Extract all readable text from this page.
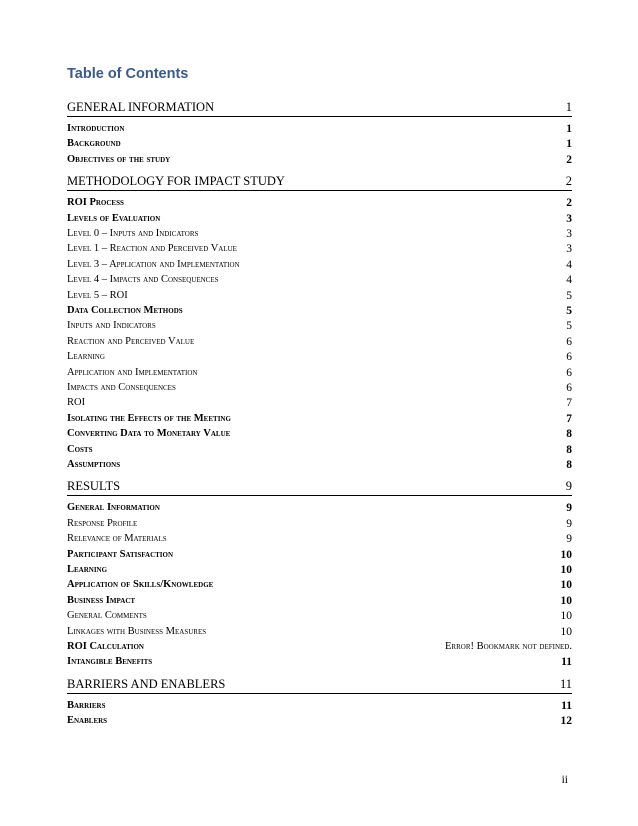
Table of Contents
GENERAL INFORMATION	1
Introduction	1
Background	1
Objectives of the study	2
METHODOLOGY FOR IMPACT STUDY	2
ROI Process	2
Levels of Evaluation	3
Level 0 – Inputs and Indicators	3
Level 1 – Reaction and Perceived Value	3
Level 3 – Application and Implementation	4
Level 4 – Impacts and Consequences	4
Level 5 – ROI	5
Data Collection Methods	5
Inputs and Indicators	5
Reaction and Perceived Value	6
Learning	6
Application and Implementation	6
Impacts and Consequences	6
ROI	7
Isolating the Effects of the Meeting	7
Converting Data to Monetary Value	8
Costs	8
Assumptions	8
RESULTS	9
General Information	9
Response Profile	9
Relevance of Materials	9
Participant Satisfaction	10
Learning	10
Application of Skills/Knowledge	10
Business Impact	10
General Comments	10
Linkages with Business Measures	10
ROI Calculation	Error! Bookmark not defined.
Intangible Benefits	11
BARRIERS AND ENABLERS	11
Barriers	11
Enablers	12
ii
